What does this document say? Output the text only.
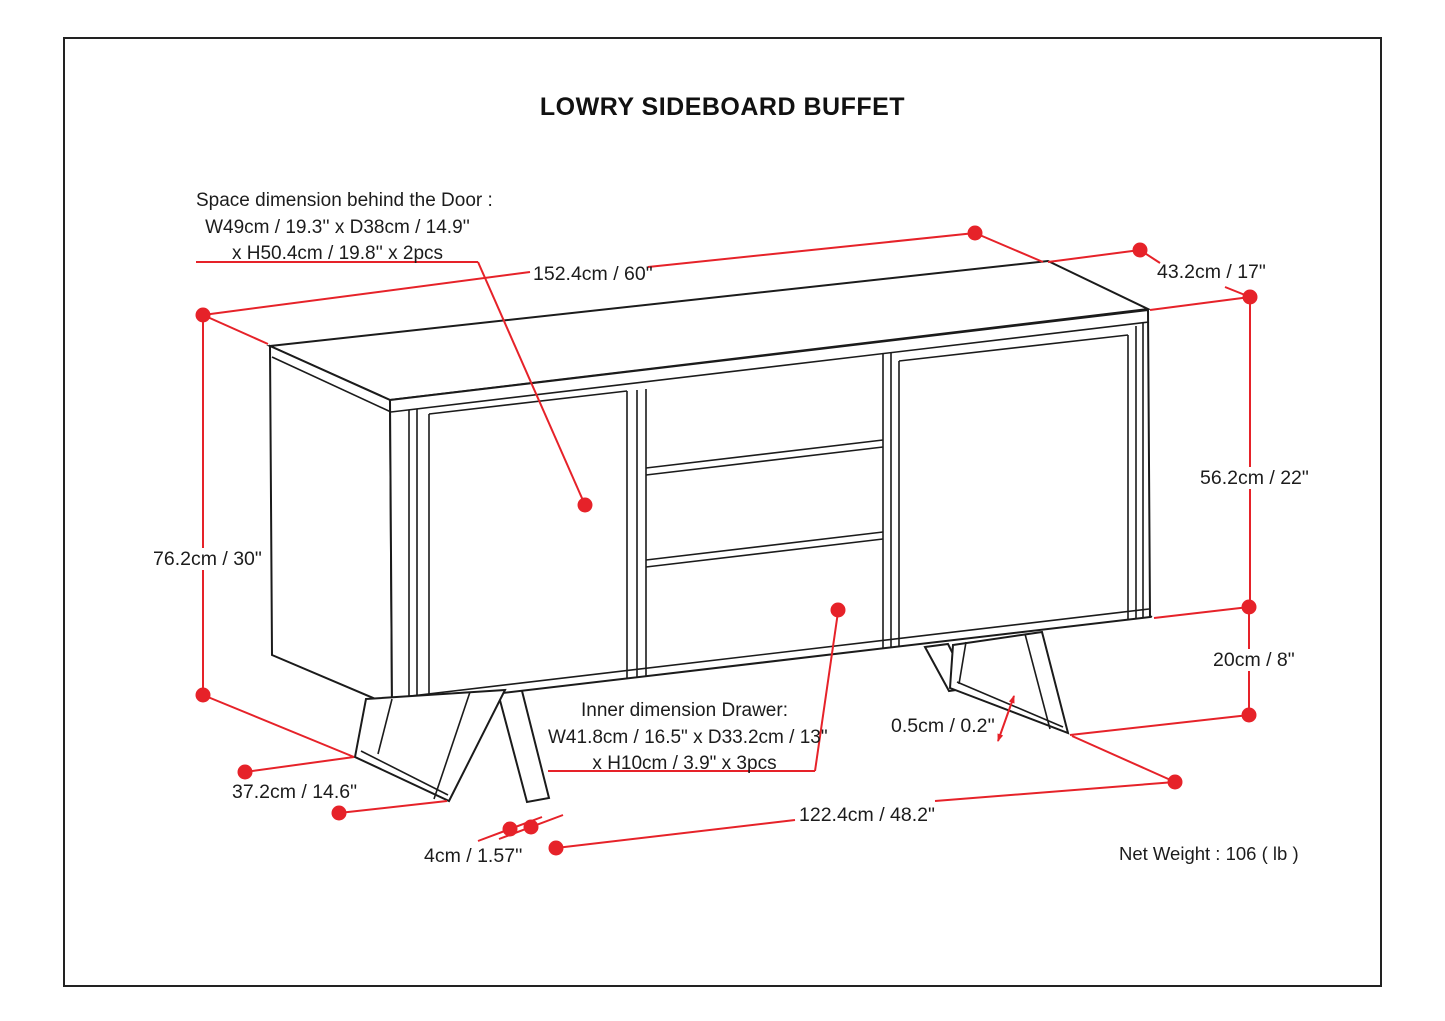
LOWRY SIDEBOARD BUFFET
Space dimension behind the Door :
W49cm / 19.3'' x D38cm / 14.9''
x H50.4cm / 19.8'' x 2pcs
Inner dimension Drawer:
W41.8cm / 16.5" x D33.2cm / 13"
x H10cm / 3.9" x 3pcs
152.4cm / 60"	43.2cm / 17"
56.2cm / 22"
20cm / 8"
76.2cm / 30"
37.2cm / 14.6"
4cm / 1.57''
0.5cm / 0.2''
122.4cm / 48.2"
Net Weight : 106 ( lb )
